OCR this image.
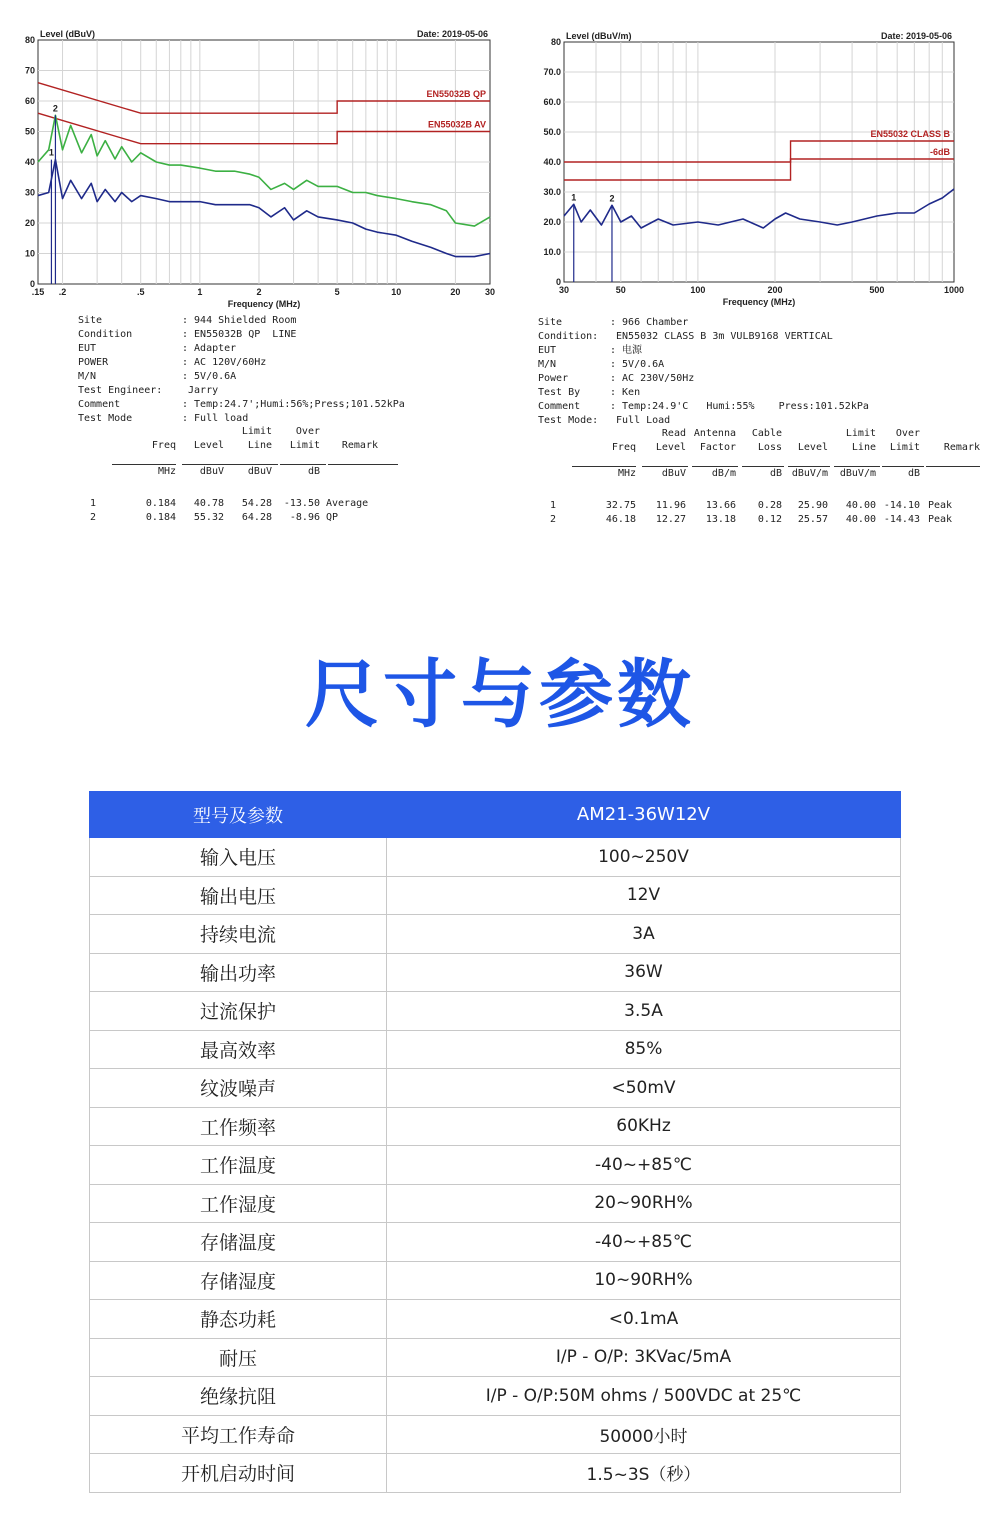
0
10
20
30
40
50
60
70
80
.15 .2	.5	1	2	5	10	20	30
Level (dBuV)
Frequency (MHz)
Date: 2019-05-06
EN55032B QP
EN55032B AV
1
2
0
10.0
20.0
30.0
40.0
50.0
60.0
70.0
80
30	50	100	200	500	1000
Level (dBuV/m)
Frequency (MHz)
Date: 2019-05-06
EN55032 CLASS B
-6dB
1	2
Site	: 944 Shielded Room
Condition	: EN55032B QP  LINE
EUT	: Adapter
POWER	: AC 120V/60Hz
M/N	: 5V/0.6A
Test Engineer:	Jarry
Comment	: Temp:24.7';Humi:56%;Press;101.52kPa
Test Mode	: Full load
Site	: 966 Chamber
Condition:	EN55032 CLASS B 3m VULB9168 VERTICAL
EUT	: 电源
M/N	: 5V/0.6A
Power	: AC 230V/50Hz
Test By	: Ken
Comment	: Temp:24.9'C   Humi:55%    Press:101.52kPa
Test Mode:	Full Load
Limit Over
Freq Level Line Limit Remark
MHz dBuV dBuV	dB
1	0.184 40.78 54.28 -13.50 Average
2	0.184 55.32 64.28 -8.96 QP
Read Antenna Cable	Limit Over
Freq Level Factor Loss Level Line Limit Remark
MHz	dBuV	dB/m	dB dBuV/m dBuV/m	dB
1	32.75 11.96 13.66 0.28 25.90 40.00 -14.10 Peak
2	46.18 12.27 13.18 0.12 25.57 40.00 -14.43 Peak
尺寸与参数
型号及参数	AM21-36W12V
输入电压	100~250V
输出电压	12V
持续电流	3A
输出功率	36W
过流保护	3.5A
最高效率	85%
纹波噪声	<50mV
工作频率	60KHz
工作温度	-40~+85℃
工作湿度	20~90RH%
存储温度	-40~+85℃
存储湿度	10~90RH%
静态功耗	<0.1mA
耐压	I/P - O/P: 3KVac/5mA
绝缘抗阻	I/P - O/P:50M ohms / 500VDC at 25℃
平均工作寿命	50000小时
开机启动时间	1.5~3S（秒）
